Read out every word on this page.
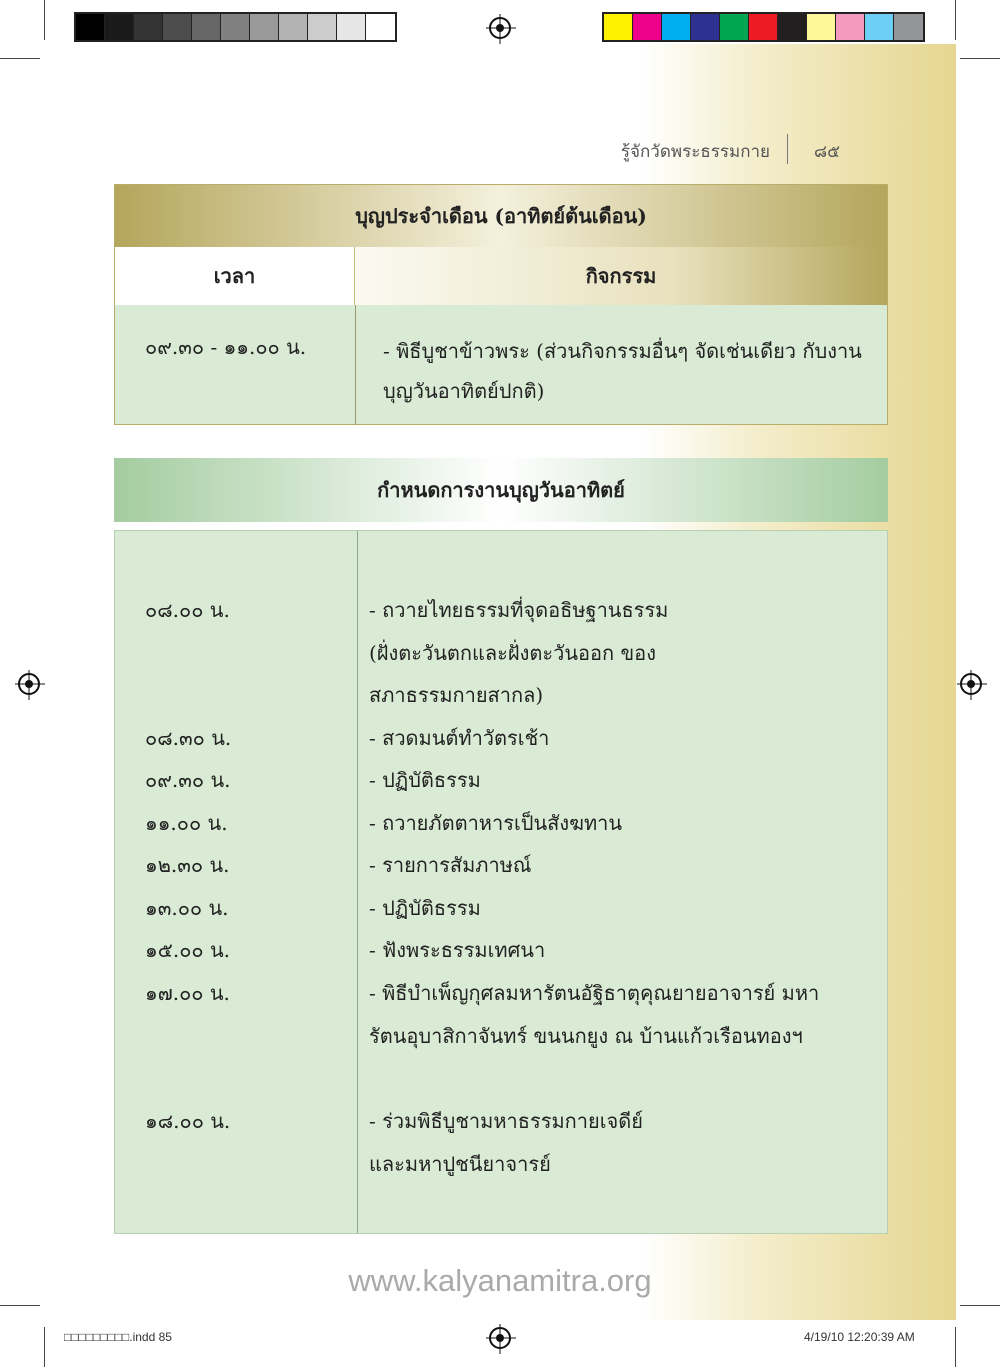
รู้จักวัดพระธรรมกาย	๘๕
บุญประจำเดือน (อาทิตย์ต้นเดือน)
เวลา	กิจกรรม
๐๙.๓๐ - ๑๑.๐๐ น.	- พิธีบูชาข้าวพระ (ส่วนกิจกรรมอื่นๆ จัดเช่นเดียว กับงานบุญวันอาทิตย์ปกติ)
กำหนดการงานบุญวันอาทิตย์
๐๘.๐๐ น.	- ถวายไทยธรรมที่จุดอธิษฐานธรรม (ฝั่งตะวันตกและฝั่งตะวันออก ของสภาธรรมกายสากล)
๐๘.๓๐ น.	- สวดมนต์ทำวัตรเช้า
๐๙.๓๐ น.	- ปฏิบัติธรรม
๑๑.๐๐ น.	- ถวายภัตตาหารเป็นสังฆทาน
๑๒.๓๐ น.	- รายการสัมภาษณ์
๑๓.๐๐ น.	- ปฏิบัติธรรม
๑๕.๐๐ น.	- ฟังพระธรรมเทศนา
๑๗.๐๐ น.	- พิธีบำเพ็ญกุศลมหารัตนอัฐิธาตุคุณยายอาจารย์ มหารัตนอุบาสิกาจันทร์ ขนนกยูง ณ บ้านแก้วเรือนทองฯ
๑๘.๐๐ น.	- ร่วมพิธีบูชามหาธรรมกายเจดีย์ และมหาปูชนียาจารย์
www.kalyanamitra.org
□□□□□□□□□.indd 85	4/19/10 12:20:39 AM
